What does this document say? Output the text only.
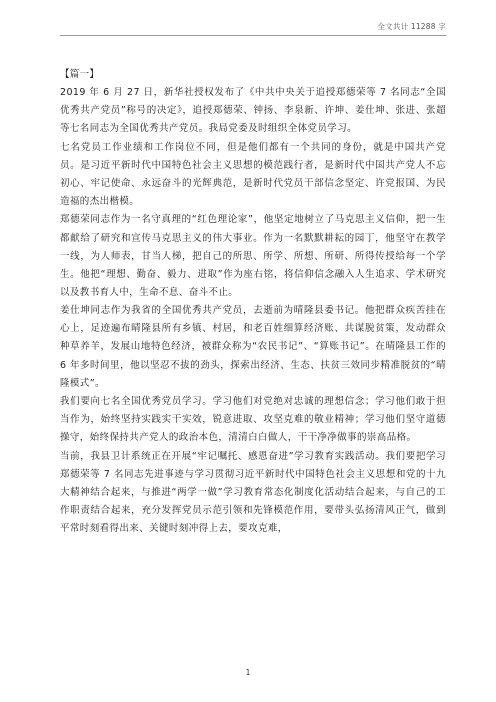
全文共计 11288 字
【篇一】

2019 年 6 月 27 日，新华社授权发布了《中共中央关于追授郑德荣等 7 名同志“全国优秀共产党员”称号的决定》，追授郑德荣、钟扬、李泉新、许坤、姜仕坤、张进、张超等七名同志为全国优秀共产党员。我局党委及时组织全体党员学习。

七名党员工作业绩和工作岗位不同，但是他们都有一个共同的身份，就是中国共产党员。是习近平新时代中国特色社会主义思想的模范践行者，是新时代中国共产党人不忘初心、牢记使命、永远奋斗的光辉典范，是新时代党员干部信念坚定、许党报国、为民造福的杰出楷模。

郑德荣同志作为一名守真理的“红色理论家”，他坚定地树立了马克思主义信仰，把一生都献给了研究和宣传马克思主义的伟大事业。作为一名默默耕耘的园丁，他坚守在教学一线，为人师表，甘当人梯，把自己的所思、所学、所想、所研、所得传授给每一个学生。他把“理想、勤奋、毅力、进取”作为座右铭，将信仰信念融入人生追求、学术研究以及教书育人中，生命不息、奋斗不止。

姜仕坤同志作为我省的全国优秀共产党员，去逝前为晴隆县委书记。他把群众疾苦挂在心上，足迹遍布晴隆县所有乡镇、村居，和老百姓细算经济账、共谋脱贫策，发动群众种草养羊，发展山地特色经济，被群众称为“农民书记”、“算账书记”。在晴隆县工作的 6 年多时间里，他以坚忍不拔的劲头，探索出经济、生态、扶贫三效同步精准脱贫的“晴隆模式”。

我们要向七名全国优秀党员学习。学习他们对党绝对忠诚的理想信念；学习他们敢于担当作为，始终坚持实践实干实效，锐意进取、攻坚克难的敬业精神；学习他们坚守道德操守，始终保持共产党人的政治本色，清清白白做人，干干净净做事的崇高品格。

当前，我县卫计系统正在开展“牢记嘱托、感恩奋进”学习教育实践活动。我们要把学习郑德荣等 7 名同志先进事迹与学习贯彻习近平新时代中国特色社会主义思想和党的十九大精神结合起来，与推进“两学一做”学习教育常态化制度化活动结合起来，与自己的工作职责结合起来，充分发挥党员示范引领和先锋模范作用，要带头弘扬清风正气，做到平常时刻看得出来、关键时刻冲得上去，要攻克难，

1
